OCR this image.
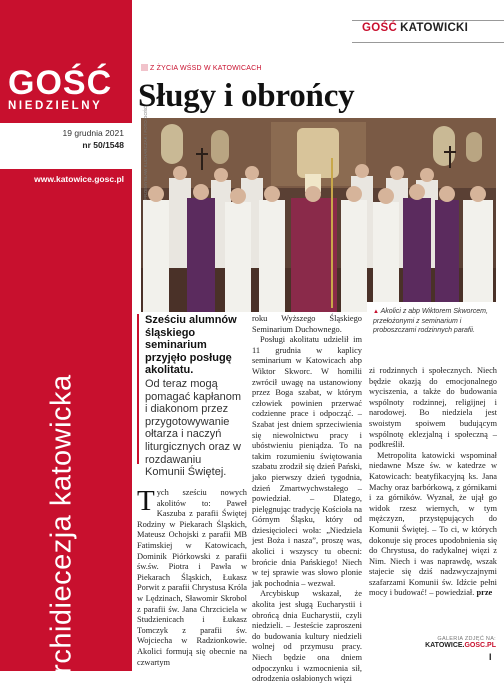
GOŚĆ
NIEDZIELNY
19 grudnia 2021
nr 50/1548
www.katowice.gosc.pl
Archidiecezja katowicka
GOŚĆ KATOWICKI
Z ŻYCIA WŚSD W KATOWICACH
Sługy i obrońcy
PRZEMYSŁAW KUCHARCZAK / FOTO GOŚĆ
▲ Akolici z abp Wiktorem Skworcem, przełożonymi z seminarium i proboszczami rodzinnych parafii.
Sześciu alumnów śląskiego seminarium przyjęło posługę akolitatu.
Od teraz mogą pomagać kapłanom i diakonom przez przygotowywanie ołtarza i naczyń liturgicznych oraz w rozdawaniu Komunii Świętej.

Tych sześciu nowych akolitów to: Paweł Kaszuba z parafii Świętej Rodziny w Piekarach Śląskich, Mateusz Ochojski z parafii MB Fatimskiej w Katowicach, Dominik Piórkowski z parafii św.św. Piotra i Pawła w Piekarach Śląskich, Łukasz Porwit z parafii Chrystusa Króla w Lędzinach, Sławomir Skrobol z parafii św. Jana Chrzciciela w Studzienicach i Łukasz Tomczyk z parafii św. Wojciecha w Radzionkowie. Akolici formują się obecnie na czwartym

roku Wyższego Śląskiego Seminarium Duchownego.

Posługi akolitatu udzielił im 11 grudnia w kaplicy seminarium w Katowicach abp Wiktor Skworc. W homilii zwrócił uwagę na ustanowiony przez Boga szabat, w którym człowiek powinien przerwać codzienne prace i odpocząć. – Szabat jest dniem sprzeciwienia się niewolnictwu pracy i ubóstwieniu pieniądza. To na takim rozumieniu świętowania szabatu zrodził się dzień Pański, jako pierwszy dzień tygodnia, dzień Zmartwychwstałego – powiedział. – Dlatego, pielęgnując tradycję Kościoła na Górnym Śląsku, który od dziesięcioleci woła: „Niedziela jest Boża i nasza”, proszę was, akolici i wszyscy tu obecni: brońcie dnia Pańskiego! Niech w tej sprawie was słowo plonie jak pochodnia – wezwał.

Arcybiskup wskazał, że akolita jest sługą Eucharystii i obrońcą dnia Eucharystii, czyli niedzieli. – Jesteście zaproszeni do budowania kultury niedzieli wolnej od przymusu pracy. Niech będzie ona dniem odpoczynku i wzmocnienia sił, odrodzenia osłabionych więzi

zi rodzinnych i społecznych. Niech będzie okazją do emocjonalnego wyciszenia, a także do budowania wspólnoty rodzinnej, religijnej i narodowej. Bo niedziela jest swoistym spoiwem budującym wspólnotę eklezjalną i społeczną – podkreślił.

Metropolita katowicki wspominał niedawne Msze św. w katedrze w Katowicach: beatyfikacyjną ks. Jana Machy oraz barbórkową, z górnikami i za górników. Wyznał, że ujął go widok rzesz wiernych, w tym mężczyzn, przystępujących do Komunii Świętej. – To ci, w których dokonuje się proces upodobnienia się do Chrystusa, do radykalnej więzi z Nim. Niech i was naprawdę, wszak stajecie się dziś nadzwyczajnymi szafarzami Komunii św. Idźcie pełni mocy i budować! – powiedział. prze

GALERIA ZDJĘĆ NA:
KATOWICE.GOSC.PL
I
